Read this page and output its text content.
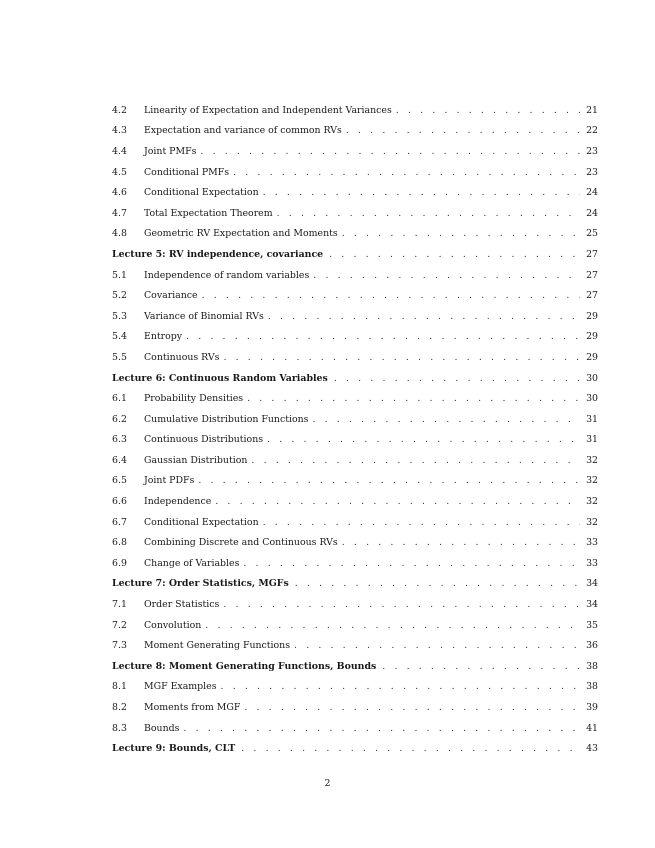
4.2	Linearity of Expectation and Independent Variances . . .	21
4.3	Expectation and variance of common RVs . . .	22
4.4	Joint PMFs . . .	23
4.5	Conditional PMFs . . .	23
4.6	Conditional Expectation . . .	24
4.7	Total Expectation Theorem . . .	24
4.8	Geometric RV Expectation and Moments . . .	25
Lecture 5: RV independence, covariance . . .	27
5.1	Independence of random variables . . .	27
5.2	Covariance . . .	27
5.3	Variance of Binomial RVs . . .	29
5.4	Entropy . . .	29
5.5	Continuous RVs . . .	29
Lecture 6: Continuous Random Variables . . .	30
6.1	Probability Densities . . .	30
6.2	Cumulative Distribution Functions . . .	31
6.3	Continuous Distributions . . .	31
6.4	Gaussian Distribution . . .	32
6.5	Joint PDFs . . .	32
6.6	Independence . . .	32
6.7	Conditional Expectation . . .	32
6.8	Combining Discrete and Continuous RVs . . .	33
6.9	Change of Variables . . .	33
Lecture 7: Order Statistics, MGFs . . .	34
7.1	Order Statistics . . .	34
7.2	Convolution . . .	35
7.3	Moment Generating Functions . . .	36
Lecture 8: Moment Generating Functions, Bounds . . .	38
8.1	MGF Examples . . .	38
8.2	Moments from MGF . . .	39
8.3	Bounds . . .	41
Lecture 9: Bounds, CLT . . .	43
2
